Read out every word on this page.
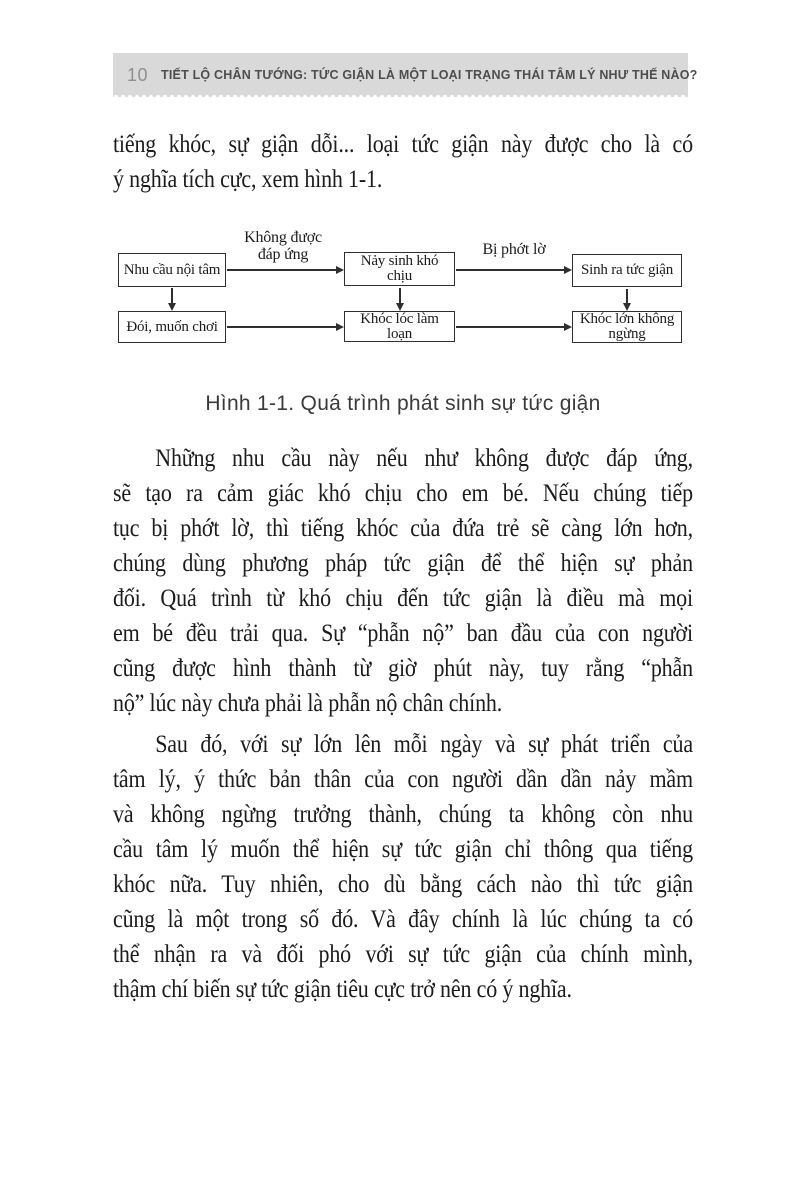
10 TIẾT LỘ CHÂN TƯỚNG: TỨC GIẬN LÀ MỘT LOẠI TRẠNG THÁI TÂM LÝ NHƯ THẾ NÀO?
tiếng khóc, sự giận dỗi... loại tức giận này được cho là có
ý nghĩa tích cực, xem hình 1-1.
Nhu cầu nội tâm
Nảy sinh khó chịu	Sinh ra tức giận
Đói, muốn chơi	Khóc lóc làm loạn
Khóc lớn không ngừng
Không được đáp ứng	Bị phớt lờ
Hình 1-1. Quá trình phát sinh sự tức giận
Những nhu cầu này nếu như không được đáp ứng,
sẽ tạo ra cảm giác khó chịu cho em bé. Nếu chúng tiếp
tục bị phớt lờ, thì tiếng khóc của đứa trẻ sẽ càng lớn hơn,
chúng dùng phương pháp tức giận để thể hiện sự phản
đối. Quá trình từ khó chịu đến tức giận là điều mà mọi
em bé đều trải qua. Sự “phẫn nộ” ban đầu của con người
cũng được hình thành từ giờ phút này, tuy rằng “phẫn
nộ” lúc này chưa phải là phẫn nộ chân chính.
Sau đó, với sự lớn lên mỗi ngày và sự phát triển của
tâm lý, ý thức bản thân của con người dần dần nảy mầm
và không ngừng trưởng thành, chúng ta không còn nhu
cầu tâm lý muốn thể hiện sự tức giận chỉ thông qua tiếng
khóc nữa. Tuy nhiên, cho dù bằng cách nào thì tức giận
cũng là một trong số đó. Và đây chính là lúc chúng ta có
thể nhận ra và đối phó với sự tức giận của chính mình,
thậm chí biến sự tức giận tiêu cực trở nên có ý nghĩa.
